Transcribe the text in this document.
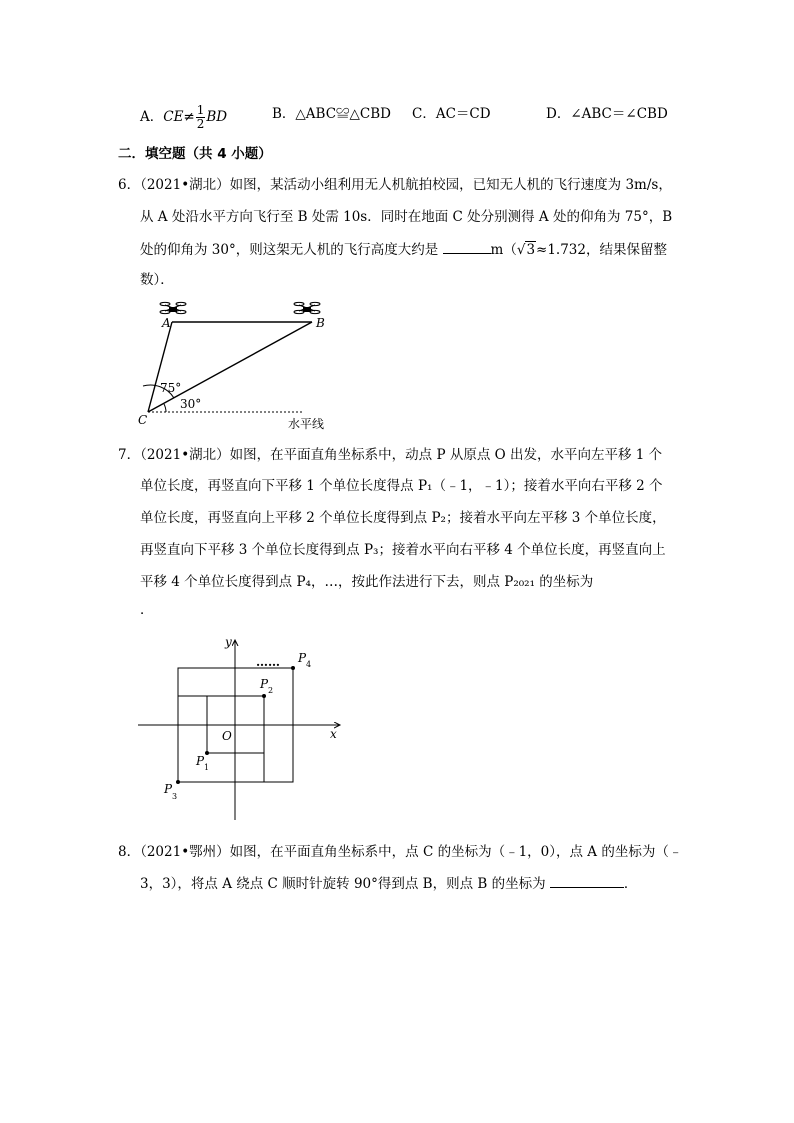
A．$CE\ne \frac{1}{2}$ BD	B．△ABC≌△CBD C．AC＝CD	D．∠ABC＝∠CBD
二．填空题（共 4 小题）
6．（2021•湖北）如图，某活动小组利用无人机航拍校园，已知无人机的飞行速度为 3m/s，
从 A 处沿水平方向飞行至 B 处需 10s．同时在地面 C 处分别测得 A 处的仰角为 75°，B
处的仰角为 30°，则这架无人机的飞行高度大约是	m（√3≈1.732，结果保留整
数）．
A	B
C
75°
30°
水平线
7．（2021•湖北）如图，在平面直角坐标系中，动点 P 从原点 O 出发，水平向左平移 1 个
单位长度，再竖直向下平移 1 个单位长度得点 P₁（﹣1，﹣1）；接着水平向右平移 2 个
单位长度，再竖直向上平移 2 个单位长度得到点 P₂；接着水平向左平移 3 个单位长度，
再竖直向下平移 3 个单位长度得到点 P₃；接着水平向右平移 4 个单位长度，再竖直向上
平移 4 个单位长度得到点 P₄，…，按此作法进行下去，则点 P₂₀₂₁ 的坐标为
．
x
y
O
……
P 1
P 2
P
3
P 4
8．（2021•鄂州）如图，在平面直角坐标系中，点 C 的坐标为（﹣1，0），点 A 的坐标为（﹣
3，3），将点 A 绕点 C 顺时针旋转 90°得到点 B，则点 B 的坐标为	．
